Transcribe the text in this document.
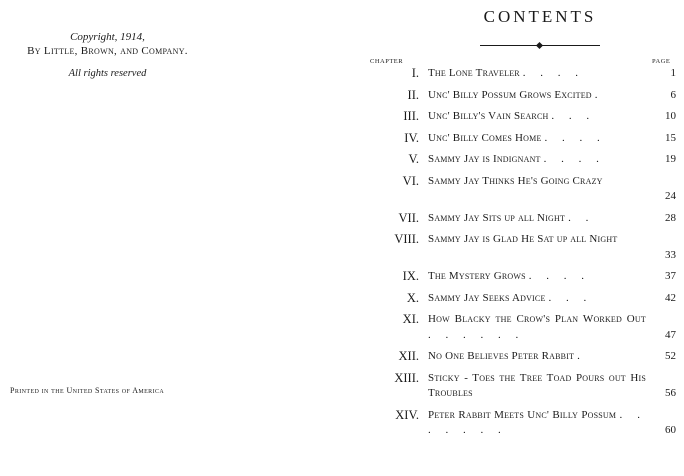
Copyright, 1914,
By Little, Brown, and Company.
All rights reserved
Printed in the United States of America
CONTENTS
CHAPTER	PAGE
I. The Lone Traveler . . . .	1
II. Unc' Billy Possum Grows Excited .	6
III. Unc' Billy's Vain Search . . .	10
IV. Unc' Billy Comes Home . . . .	15
V. Sammy Jay is Indignant . . . .	19
VI. Sammy Jay Thinks He's Going Crazy
24
VII. Sammy Jay Sits up all Night . .	28
VIII. Sammy Jay is Glad He Sat up all Night
33
IX. The Mystery Grows . . . .	37
X. Sammy Jay Seeks Advice . . .	42
XI. How Blacky the Crow's Plan Worked Out . . . . . .	47
XII. No One Believes Peter Rabbit .	52
XIII. Sticky - Toes the Tree Toad Pours out His Troubles	56
XIV. Peter Rabbit Meets Unc' Billy Possum . . . . . . .	60
